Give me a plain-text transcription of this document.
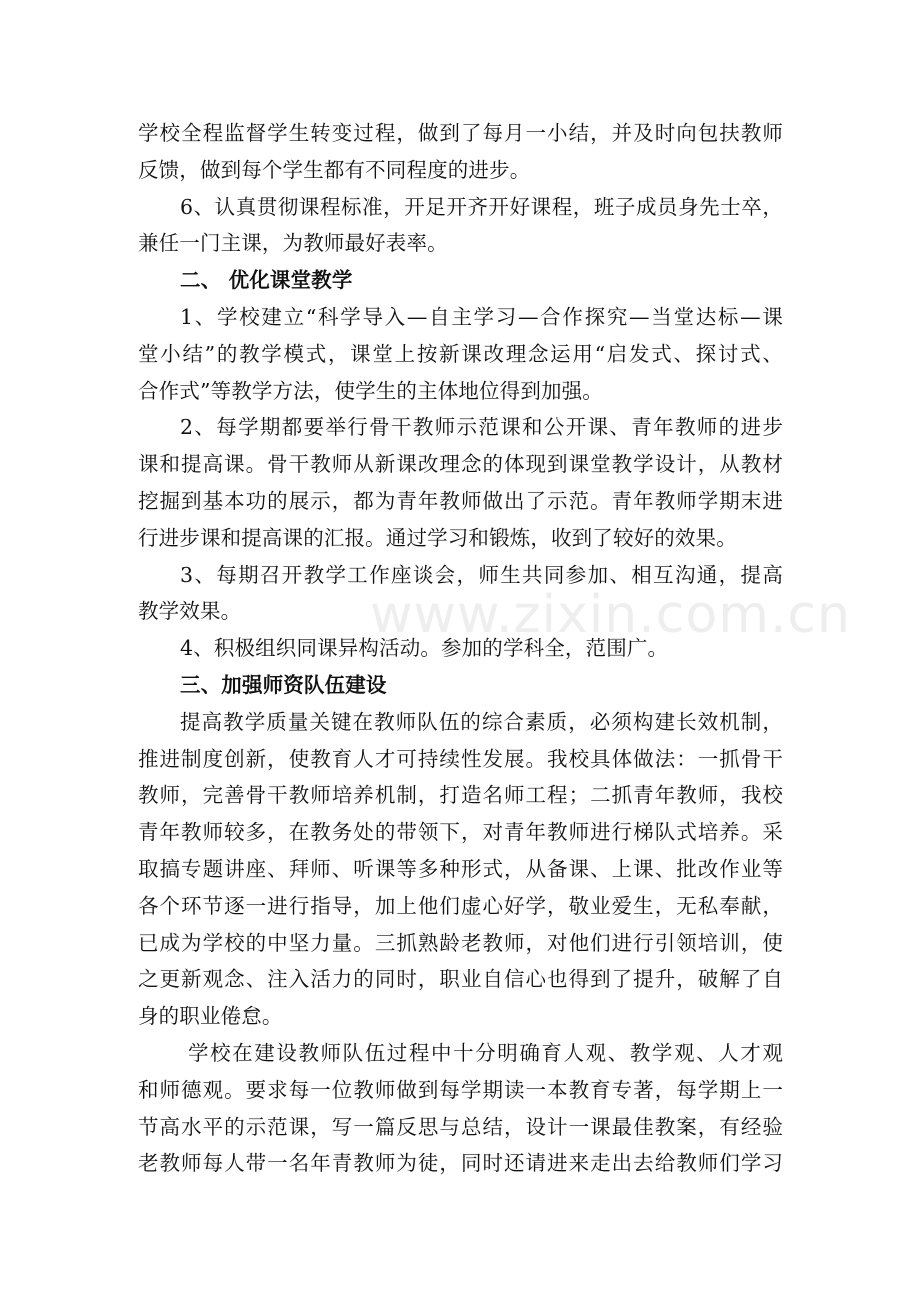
学校全程监督学生转变过程，做到了每月一小结，并及时向包扶教师
反馈，做到每个学生都有不同程度的进步。
6、认真贯彻课程标准，开足开齐开好课程，班子成员身先士卒，
兼任一门主课，为教师最好表率。
二、 优化课堂教学
1、学校建立“科学导入—自主学习—合作探究—当堂达标—课
堂小结”的教学模式，课堂上按新课改理念运用“启发式、探讨式、
合作式”等教学方法，使学生的主体地位得到加强。
2、每学期都要举行骨干教师示范课和公开课、青年教师的进步
课和提高课。骨干教师从新课改理念的体现到课堂教学设计，从教材
挖掘到基本功的展示，都为青年教师做出了示范。青年教师学期末进
行进步课和提高课的汇报。通过学习和锻炼，收到了较好的效果。
3、每期召开教学工作座谈会，师生共同参加、相互沟通，提高
教学效果。
4、积极组织同课异构活动。参加的学科全，范围广。
三、加强师资队伍建设
提高教学质量关键在教师队伍的综合素质，必须构建长效机制，
推进制度创新，使教育人才可持续性发展。我校具体做法：一抓骨干
教师，完善骨干教师培养机制，打造名师工程；二抓青年教师，我校
青年教师较多，在教务处的带领下，对青年教师进行梯队式培养。采
取搞专题讲座、拜师、听课等多种形式，从备课、上课、批改作业等
各个环节逐一进行指导，加上他们虚心好学，敬业爱生，无私奉献，
已成为学校的中坚力量。三抓熟龄老教师，对他们进行引领培训，使
之更新观念、注入活力的同时，职业自信心也得到了提升，破解了自
身的职业倦怠。
学校在建设教师队伍过程中十分明确育人观、教学观、人才观
和师德观。要求每一位教师做到每学期读一本教育专著，每学期上一
节高水平的示范课，写一篇反思与总结，设计一课最佳教案，有经验
老教师每人带一名年青教师为徒，同时还请进来走出去给教师们学习
www.zixin.com.cn
